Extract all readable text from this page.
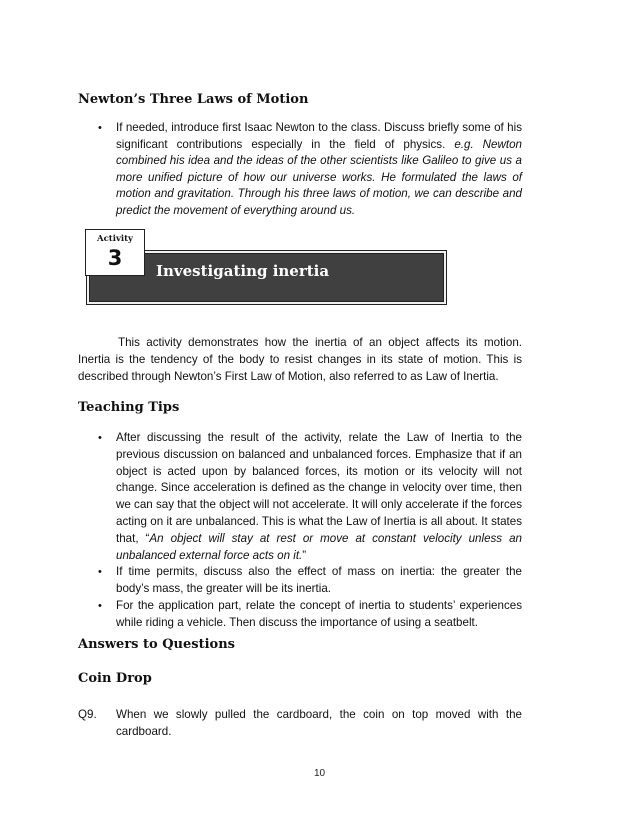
Newton’s Three Laws of Motion
• If needed, introduce first Isaac Newton to the class. Discuss briefly some of his significant contributions especially in the field of physics. e.g. Newton combined his idea and the ideas of the other scientists like Galileo to give us a more unified picture of how our universe works. He formulated the laws of motion and gravitation. Through his three laws of motion, we can describe and predict the movement of everything around us.
Investigating inertia
Activity
3

This activity demonstrates how the inertia of an object affects its motion. Inertia is the tendency of the body to resist changes in its state of motion. This is described through Newton’s First Law of Motion, also referred to as Law of Inertia.

Teaching Tips
• After discussing the result of the activity, relate the Law of Inertia to the previous discussion on balanced and unbalanced forces. Emphasize that if an object is acted upon by balanced forces, its motion or its velocity will not change. Since acceleration is defined as the change in velocity over time, then we can say that the object will not accelerate. It will only accelerate if the forces acting on it are unbalanced. This is what the Law of Inertia is all about. It states that, “An object will stay at rest or move at constant velocity unless an unbalanced external force acts on it.”
• If time permits, discuss also the effect of mass on inertia: the greater the body’s mass, the greater will be its inertia.
• For the application part, relate the concept of inertia to students’ experiences while riding a vehicle. Then discuss the importance of using a seatbelt.
Answers to Questions
Coin Drop
Q9. When we slowly pulled the cardboard, the coin on top moved with the cardboard.
10
